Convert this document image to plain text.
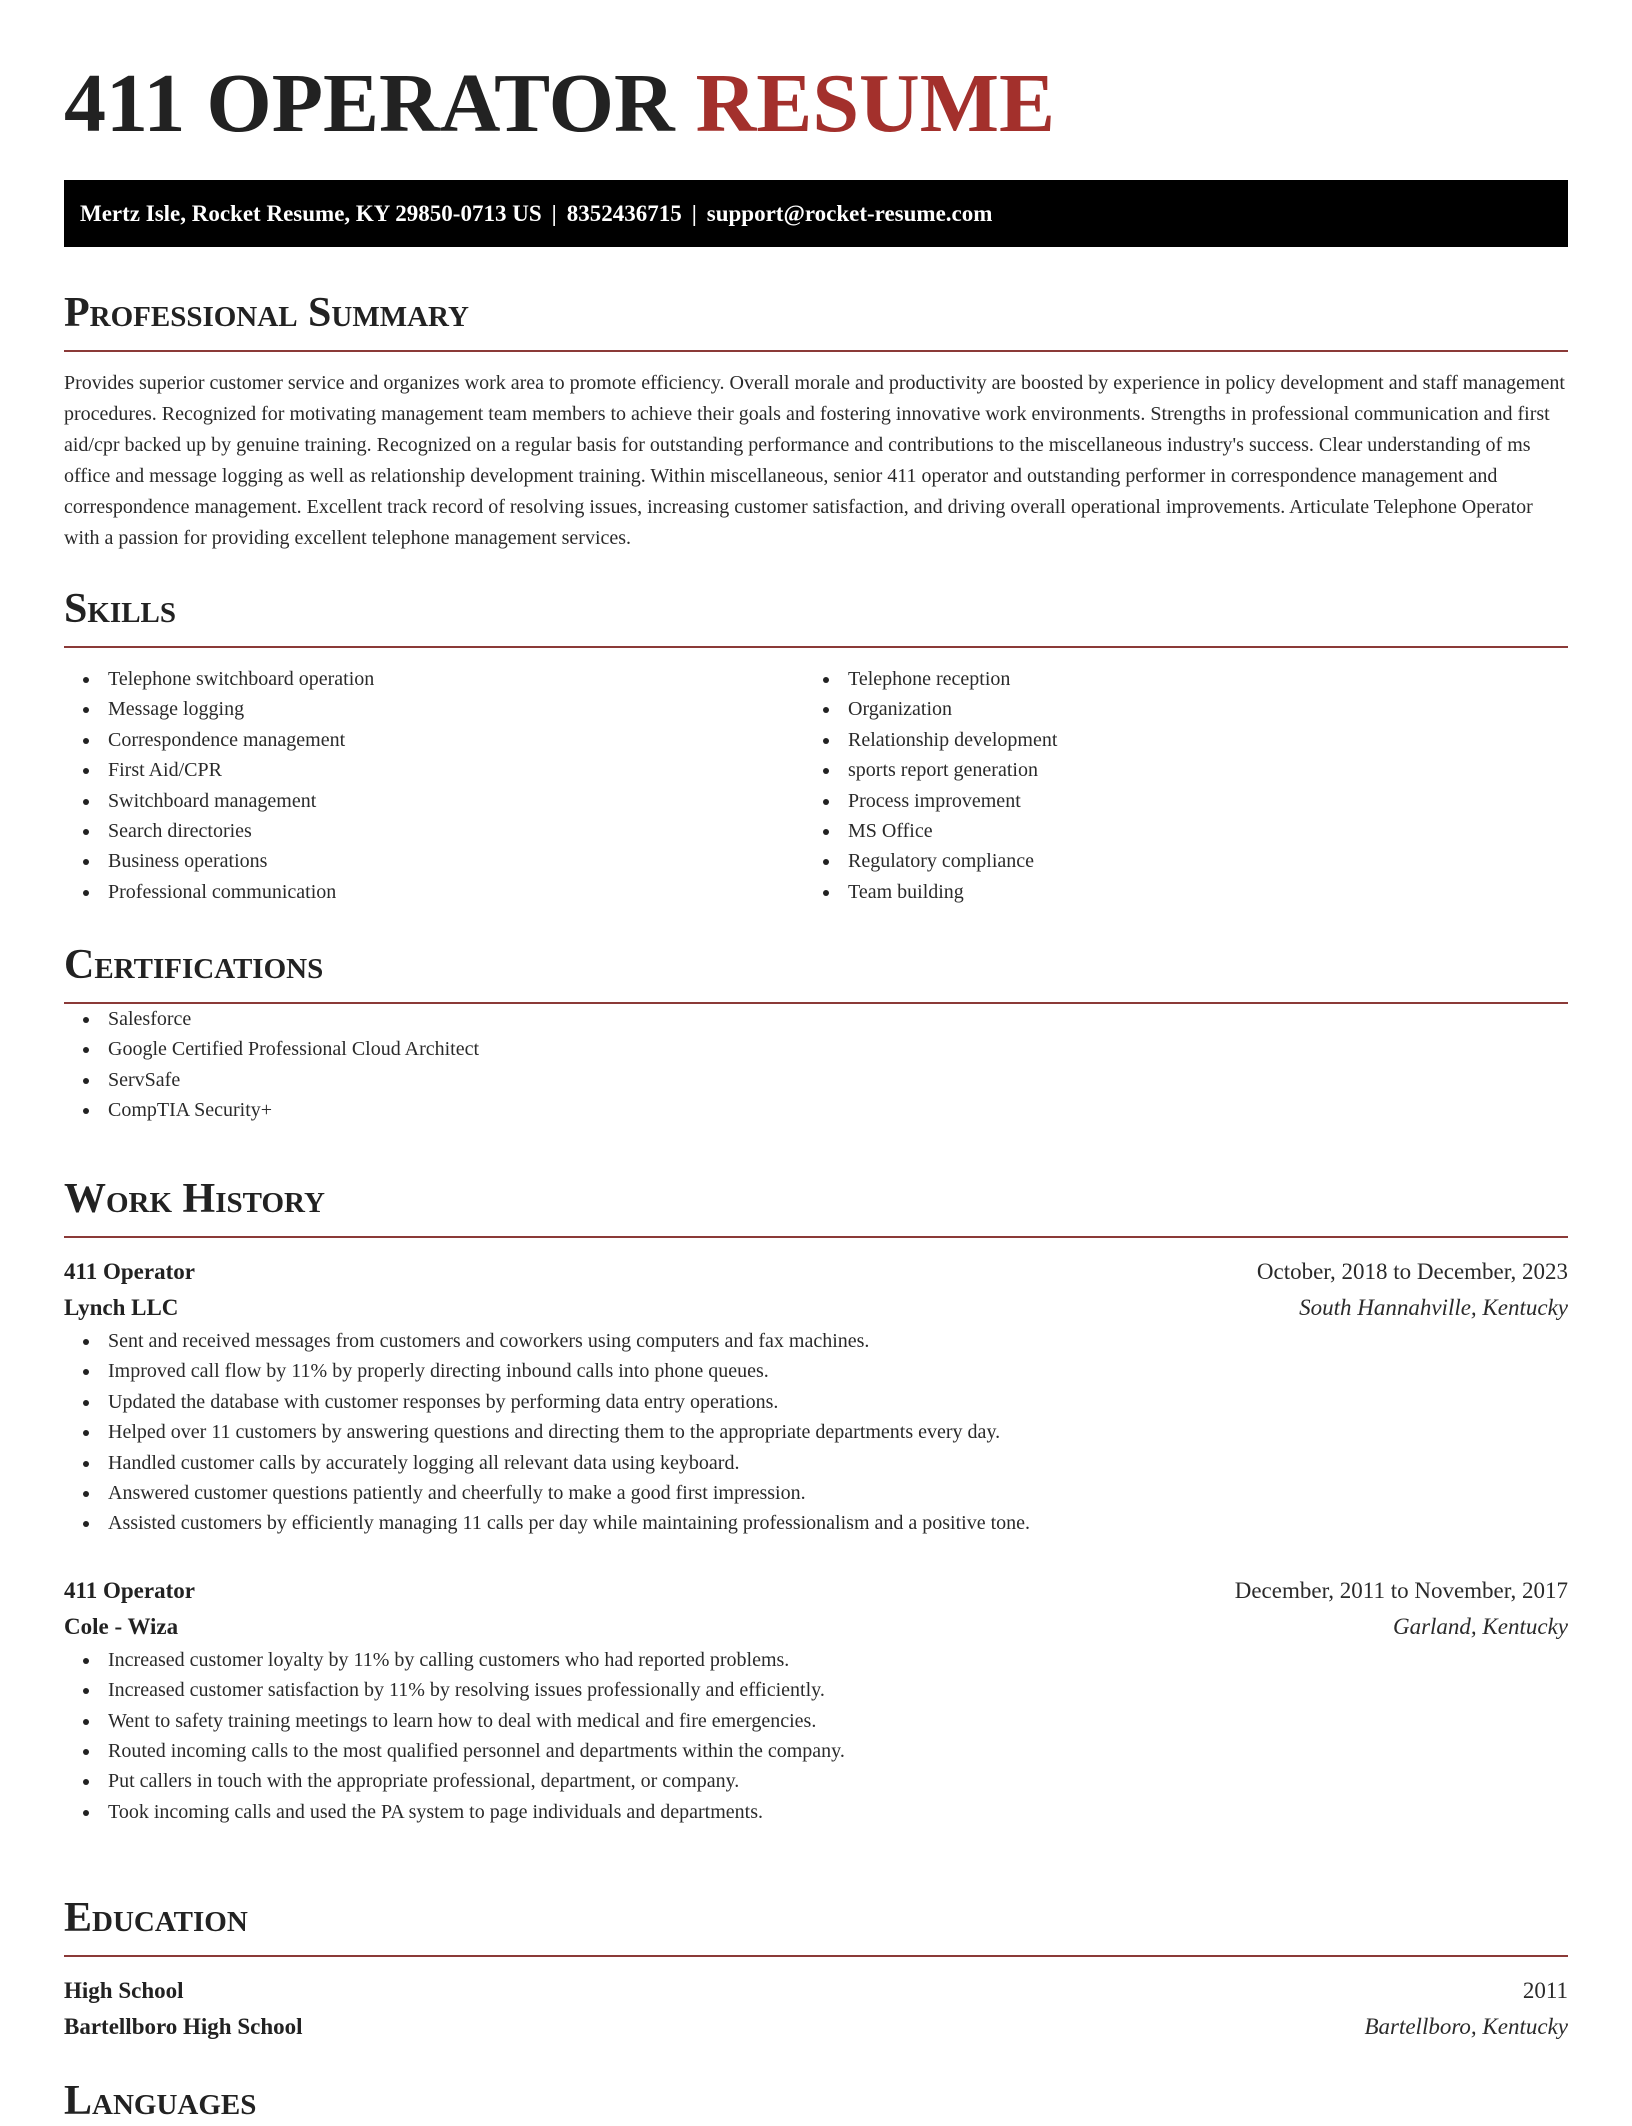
411 OPERATOR RESUME
Mertz Isle, Rocket Resume, KY 29850-0713 US | 8352436715 | support@rocket-resume.com
Professional Summary

Provides superior customer service and organizes work area to promote efficiency. Overall morale and productivity are boosted by experience in policy development and staff management procedures. Recognized for motivating management team members to achieve their goals and fostering innovative work environments. Strengths in professional communication and first aid/cpr backed up by genuine training. Recognized on a regular basis for outstanding performance and contributions to the miscellaneous industry's success. Clear understanding of ms office and message logging as well as relationship development training. Within miscellaneous, senior 411 operator and outstanding performer in correspondence management and correspondence management. Excellent track record of resolving issues, increasing customer satisfaction, and driving overall operational improvements. Articulate Telephone Operator with a passion for providing excellent telephone management services.

Skills
Telephone switchboard operation
Message logging
Correspondence management
First Aid/CPR
Switchboard management
Search directories
Business operations
Professional communication
Telephone reception
Organization
Relationship development
sports report generation
Process improvement
MS Office
Regulatory compliance
Team building
Certifications
Salesforce
Google Certified Professional Cloud Architect
ServSafe
CompTIA Security+
Work History
411 Operator	October, 2018 to December, 2023
Lynch LLC	South Hannahville, Kentucky
Sent and received messages from customers and coworkers using computers and fax machines.
Improved call flow by 11% by properly directing inbound calls into phone queues.
Updated the database with customer responses by performing data entry operations.
Helped over 11 customers by answering questions and directing them to the appropriate departments every day.
Handled customer calls by accurately logging all relevant data using keyboard.
Answered customer questions patiently and cheerfully to make a good first impression.
Assisted customers by efficiently managing 11 calls per day while maintaining professionalism and a positive tone.
411 Operator	December, 2011 to November, 2017
Cole - Wiza	Garland, Kentucky
Increased customer loyalty by 11% by calling customers who had reported problems.
Increased customer satisfaction by 11% by resolving issues professionally and efficiently.
Went to safety training meetings to learn how to deal with medical and fire emergencies.
Routed incoming calls to the most qualified personnel and departments within the company.
Put callers in touch with the appropriate professional, department, or company.
Took incoming calls and used the PA system to page individuals and departments.
Education
High School	2011
Bartellboro High School	Bartellboro, Kentucky
Languages
